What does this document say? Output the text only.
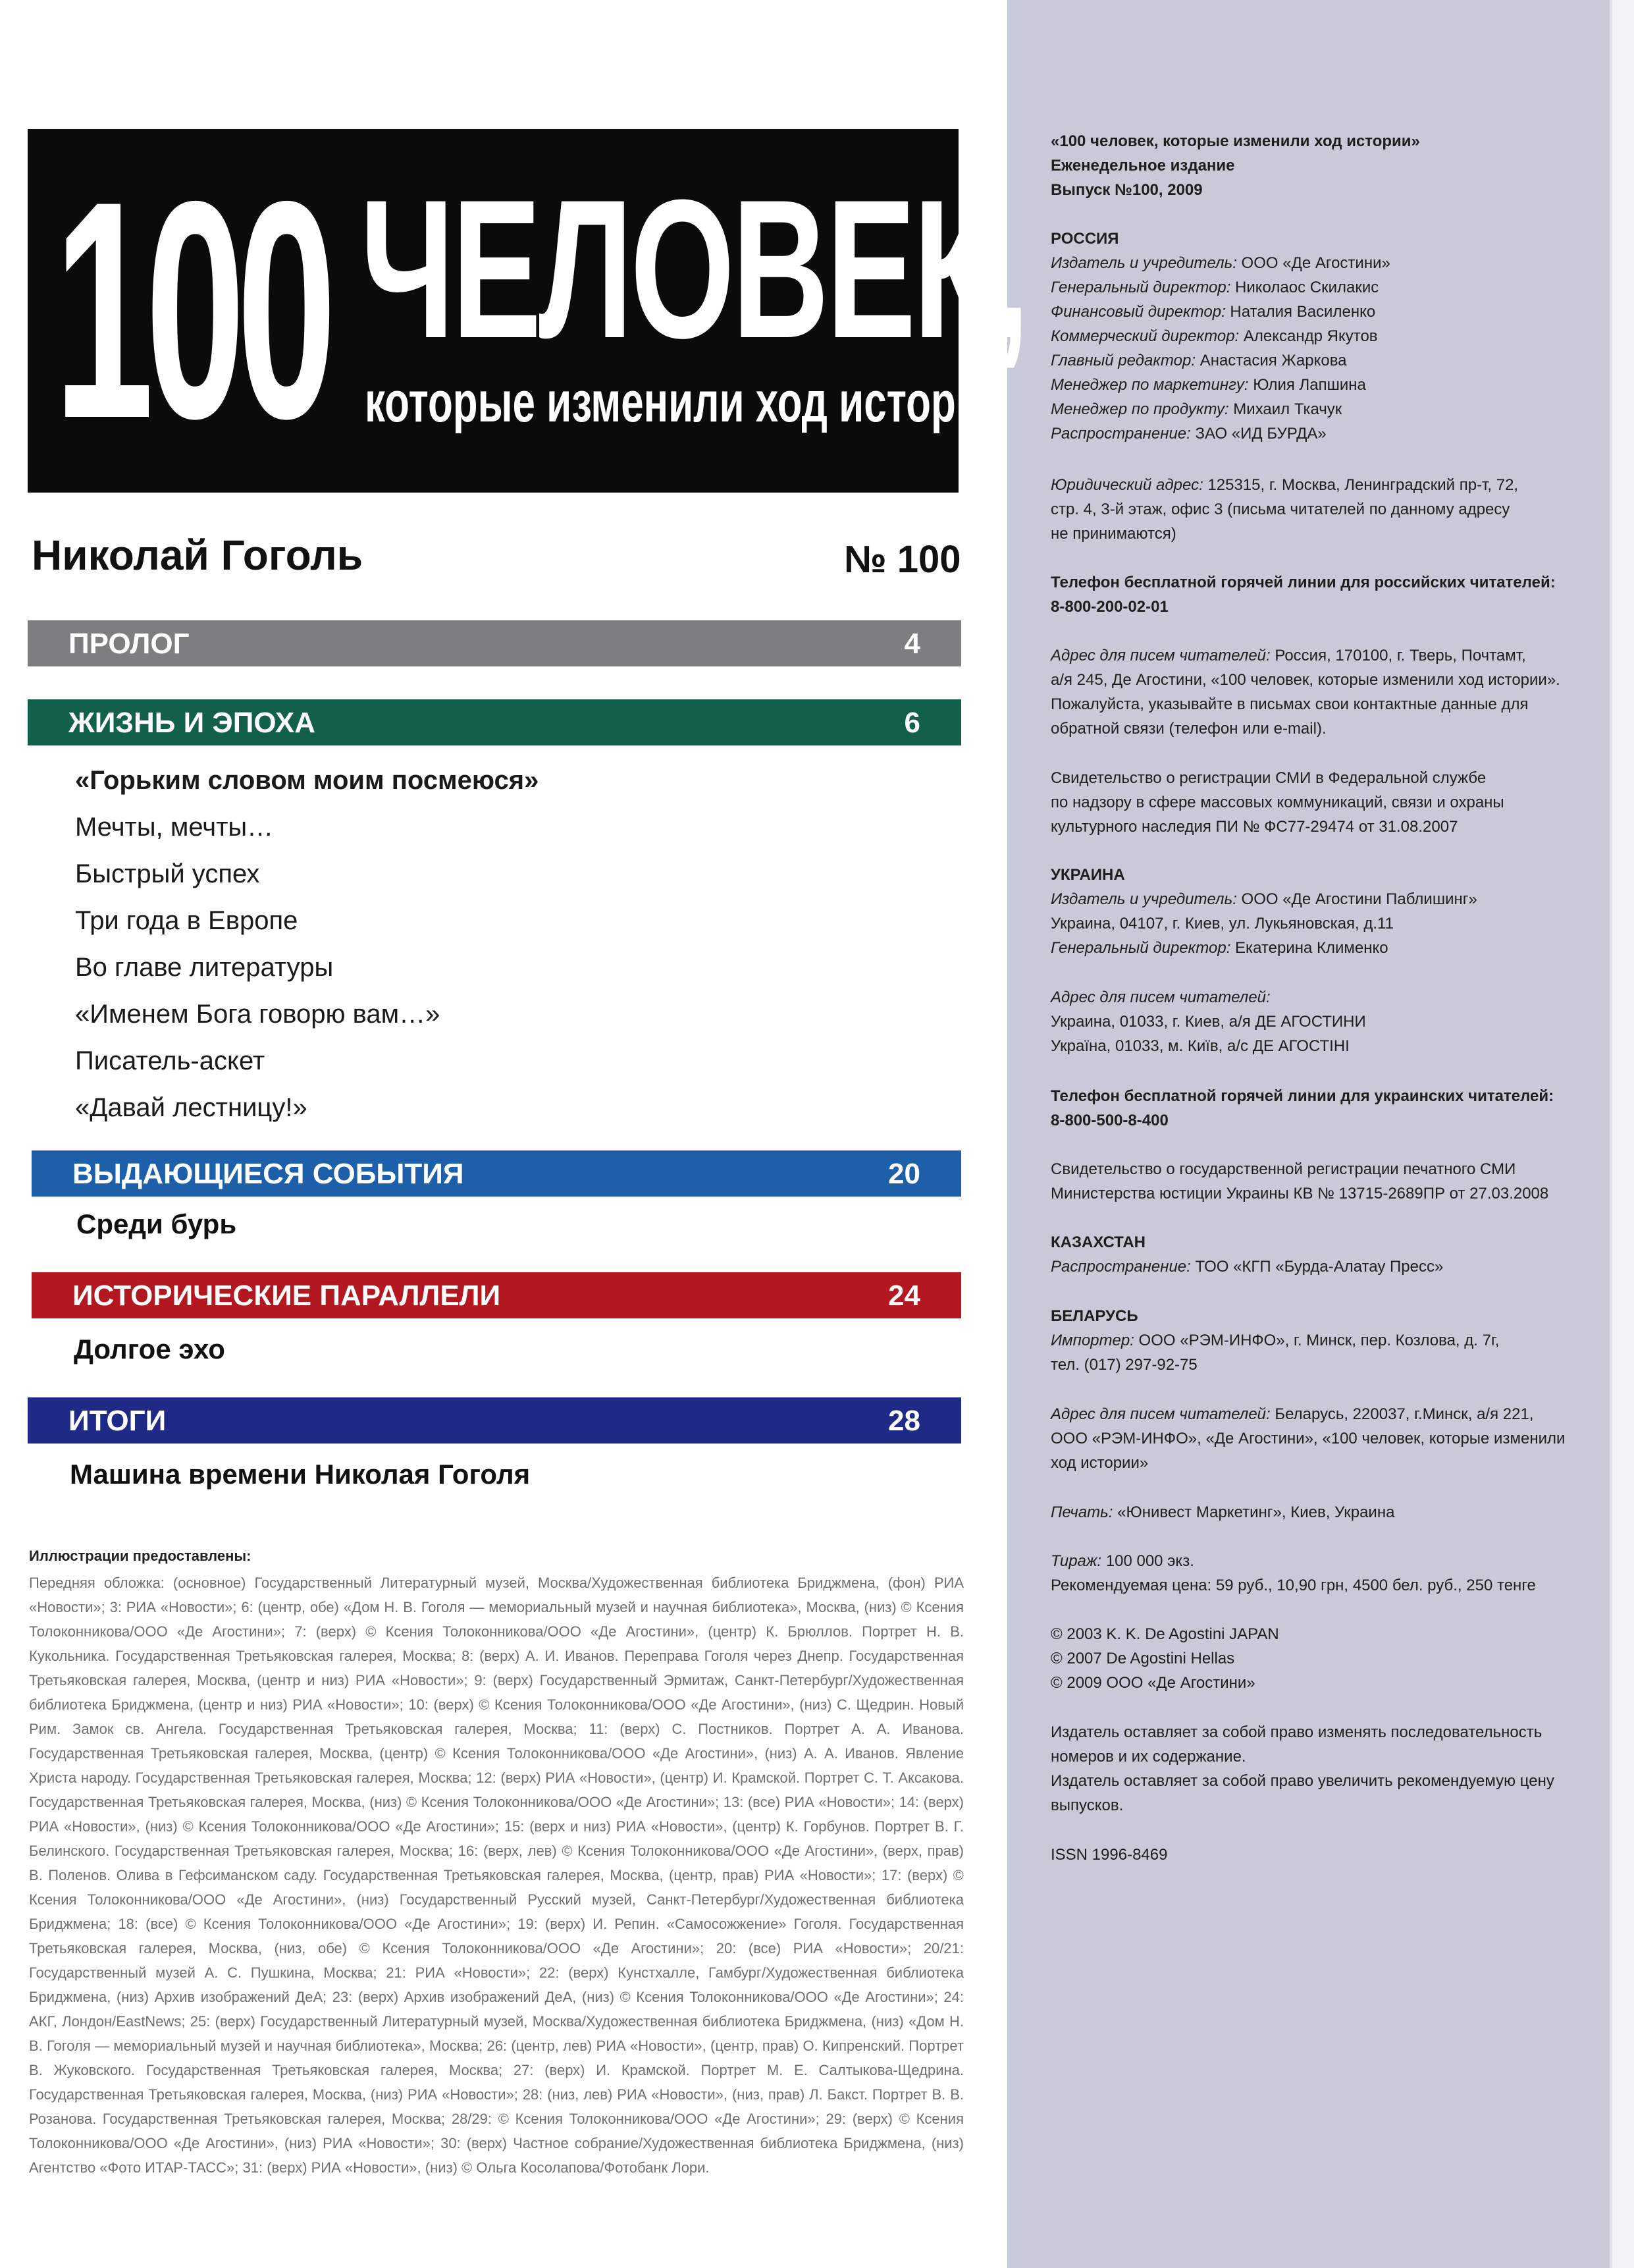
100 ЧЕЛОВЕК,
которые изменили ход истории
Николай Гоголь	№ 100
ПРОЛОГ	4
ЖИЗНЬ И ЭПОХА	6
«Горьким словом моим посмеюся»
Мечты, мечты…
Быстрый успех
Три года в Европе
Во главе литературы
«Именем Бога говорю вам…»
Писатель-аскет
«Давай лестницу!»
ВЫДАЮЩИЕСЯ СОБЫТИЯ	20
Среди бурь
ИСТОРИЧЕСКИЕ ПАРАЛЛЕЛИ	24
Долгое эхо
ИТОГИ	28
Машина времени Николая Гоголя
Иллюстрации предоставлены:
Передняя обложка: (основное) Государственный Литературный музей, Москва/Художественная библиотека Бриджмена, (фон) РИА «Новости»; 3: РИА «Новости»; 6: (центр, обе) «Дом Н. В. Гоголя — мемориальный музей и научная библиотека», Москва, (низ) © Ксения Толоконникова/ООО «Де Агостини»; 7: (верх) © Ксения Толоконникова/ООО «Де Агостини», (центр) К. Брюллов. Портрет Н. В. Кукольника. Государственная Третьяковская галерея, Москва; 8: (верх) А. И. Иванов. Переправа Гоголя через Днепр. Государственная Третьяковская галерея, Москва, (центр и низ) РИА «Новости»; 9: (верх) Государственный Эрмитаж, Санкт-Петербург/Художественная библиотека Бриджмена, (центр и низ) РИА «Новости»; 10: (верх) © Ксения Толоконникова/ООО «Де Агостини», (низ) С. Щедрин. Новый Рим. Замок св. Ангела. Государственная Третьяковская галерея, Москва; 11: (верх) С. Постников. Портрет А. А. Иванова. Государственная Третьяковская галерея, Москва, (центр) © Ксения Толоконникова/ООО «Де Агостини», (низ) А. А. Иванов. Явление Христа народу. Государственная Третьяковская галерея, Москва; 12: (верх) РИА «Новости», (центр) И. Крамской. Портрет С. Т. Аксакова. Государственная Третьяковская галерея, Москва, (низ) © Ксения Толоконникова/ООО «Де Агостини»; 13: (все) РИА «Новости»; 14: (верх) РИА «Новости», (низ) © Ксения Толоконникова/ООО «Де Агостини»; 15: (верх и низ) РИА «Новости», (центр) К. Горбунов. Портрет В. Г. Белинского. Государственная Третьяковская галерея, Москва; 16: (верх, лев) © Ксения Толоконникова/ООО «Де Агостини», (верх, прав) В. Поленов. Олива в Гефсиманском саду. Государственная Третьяковская галерея, Москва, (центр, прав) РИА «Новости»; 17: (верх) © Ксения Толоконникова/ООО «Де Агостини», (низ) Государственный Русский музей, Санкт-Петербург/Художественная библиотека Бриджмена; 18: (все) © Ксения Толоконникова/ООО «Де Агостини»; 19: (верх) И. Репин. «Самосожжение» Гоголя. Государственная Третьяковская галерея, Москва, (низ, обе) © Ксения Толоконникова/ООО «Де Агостини»; 20: (все) РИА «Новости»; 20/21: Государственный музей А. С. Пушкина, Москва; 21: РИА «Новости»; 22: (верх) Кунстхалле, Гамбург/Художественная библиотека Бриджмена, (низ) Архив изображений ДеА; 23: (верх) Архив изображений ДеА, (низ) © Ксения Толоконникова/ООО «Де Агостини»; 24: АКГ, Лондон/EastNews; 25: (верх) Государственный Литературный музей, Москва/Художественная библиотека Бриджмена, (низ) «Дом Н. В. Гоголя — мемориальный музей и научная библиотека», Москва; 26: (центр, лев) РИА «Новости», (центр, прав) О. Кипренский. Портрет В. Жуковского. Государственная Третьяковская галерея, Москва; 27: (верх) И. Крамской. Портрет М. Е. Салтыкова-Щедрина. Государственная Третьяковская галерея, Москва, (низ) РИА «Новости»; 28: (низ, лев) РИА «Новости», (низ, прав) Л. Бакст. Портрет В. В. Розанова. Государственная Третьяковская галерея, Москва; 28/29: © Ксения Толоконникова/ООО «Де Агостини»; 29: (верх) © Ксения Толоконникова/ООО «Де Агостини», (низ) РИА «Новости»; 30: (верх) Частное собрание/Художественная библиотека Бриджмена, (низ) Агентство «Фото ИТАР-ТАСС»; 31: (верх) РИА «Новости», (низ) © Ольга Косолапова/Фотобанк Лори.
«100 человек, которые изменили ход истории»
Еженедельное издание
Выпуск №100, 2009
РОССИЯ
Издатель и учредитель: ООО «Де Агостини»
Генеральный директор: Николаос Скилакис
Финансовый директор: Наталия Василенко
Коммерческий директор: Александр Якутов
Главный редактор: Анастасия Жаркова
Менеджер по маркетингу: Юлия Лапшина
Менеджер по продукту: Михаил Ткачук
Распространение: ЗАО «ИД БУРДА»
Юридический адрес: 125315, г. Москва, Ленинградский пр-т, 72,
стр. 4, 3-й этаж, офис 3 (письма читателей по данному адресу
не принимаются)
Телефон бесплатной горячей линии для российских читателей:
8-800-200-02-01
Адрес для писем читателей: Россия, 170100, г. Тверь, Почтамт,
а/я 245, Де Агостини, «100 человек, которые изменили ход истории».
Пожалуйста, указывайте в письмах свои контактные данные для
обратной связи (телефон или e-mail).
Свидетельство о регистрации СМИ в Федеральной службе
по надзору в сфере массовых коммуникаций, связи и охраны
культурного наследия ПИ № ФС77-29474 от 31.08.2007
УКРАИНА
Издатель и учредитель: ООО «Де Агостини Паблишинг»
Украина, 04107, г. Киев, ул. Лукьяновская, д.11
Генеральный директор: Екатерина Клименко
Адрес для писем читателей:
Украина, 01033, г. Киев, а/я ДЕ АГОСТИНИ
Україна, 01033, м. Київ, а/с ДЕ АГОСТІНІ
Телефон бесплатной горячей линии для украинских читателей:
8-800-500-8-400
Свидетельство о государственной регистрации печатного СМИ
Министерства юстиции Украины КВ № 13715-2689ПР от 27.03.2008
КАЗАХСТАН
Распространение: ТОО «КГП «Бурда-Алатау Пресс»
БЕЛАРУСЬ
Импортер: ООО «РЭМ-ИНФО», г. Минск, пер. Козлова, д. 7г,
тел. (017) 297-92-75
Адрес для писем читателей: Беларусь, 220037, г.Минск, а/я 221,
ООО «РЭМ-ИНФО», «Де Агостини», «100 человек, которые изменили
ход истории»
Печать: «Юнивест Маркетинг», Киев, Украина
Тираж: 100 000 экз.
Рекомендуемая цена: 59 руб., 10,90 грн, 4500 бел. руб., 250 тенге
© 2003 K. K. De Agostini JAPAN
© 2007 De Agostini Hellas
© 2009 ООО «Де Агостини»
Издатель оставляет за собой право изменять последовательность
номеров и их содержание.
Издатель оставляет за собой право увеличить рекомендуемую цену
выпусков.
ISSN 1996-8469
